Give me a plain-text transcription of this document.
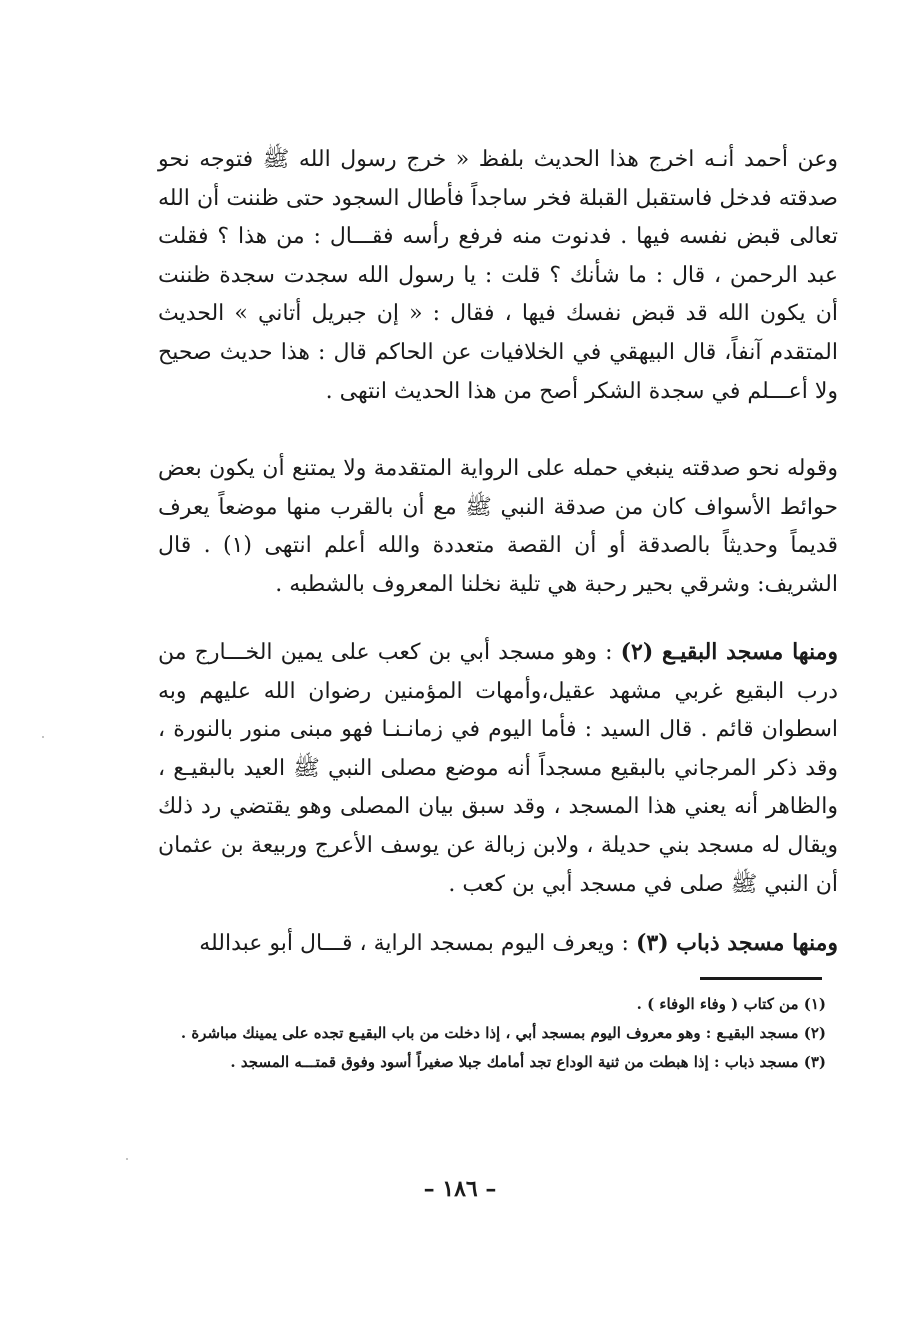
وعن أحمد أنـه اخرج هذا الحديث بلفظ « خرج رسول الله ﷺ فتوجه نحو صدقته فدخل فاستقبل القبلة فخر ساجداً فأطال السجود حتى ظننت أن الله تعالى قبض نفسه فيها . فدنوت منه فرفع رأسه فقـــال : من هذا ؟ فقلت عبد الرحمن ، قال : ما شأنك ؟ قلت : يا رسول الله سجدت سجدة ظننت أن يكون الله قد قبض نفسك فيها ، فقال : « إن جبريل أتاني » الحديث المتقدم آنفاً، قال البيهقي في الخلافيات عن الحاكم قال : هذا حديث صحيح ولا أعـــلم في سجدة الشكر أصح من هذا الحديث انتهى .
وقوله نحو صدقته ينبغي حمله على الرواية المتقدمة ولا يمتنع أن يكون بعض حوائط الأسواف كان من صدقة النبي ﷺ مع أن بالقرب منها موضعاً يعرف قديماً وحديثاً بالصدقة أو أن القصة متعددة والله أعلم انتهى (١) . قال الشريف: وشرقي بحير رحبة هي تلية نخلنا المعروف بالشطبه .
ومنها مسجد البقيـع (٢) : وهو مسجد أبي بن كعب على يمين الخـــارج من درب البقيع غربي مشهد عقيل،وأمهات المؤمنين رضوان الله عليهم وبه اسطوان قائم . قال السيد : فأما اليوم في زمانـنـا فهو مبنى منور بالنورة ، وقد ذكر المرجاني بالبقيع مسجداً أنه موضع مصلى النبي ﷺ العيد بالبقيـع ، والظاهر أنه يعني هذا المسجد ، وقد سبق بيان المصلى وهو يقتضي رد ذلك ويقال له مسجد بني حديلة ، ولابن زبالة عن يوسف الأعرج وربيعة بن عثمان أن النبي ﷺ صلى في مسجد أبي بن كعب .
ومنها مسجد ذباب (٣) : ويعرف اليوم بمسجد الراية ، قـــال أبو عبدالله

(١) من كتاب ( وفاء الوفاء ) .

(٢) مسجد البقيـع : وهو معروف اليوم بمسجد أبي ، إذا دخلت من باب البقيـع تجده على يمينك مباشرة .

(٣) مسجد ذباب : إذا هبطت من ثنية الوداع تجد أمامك جبلا صغيراً أسود وفوق قمتـــه المسجد .

– ١٨٦ –
